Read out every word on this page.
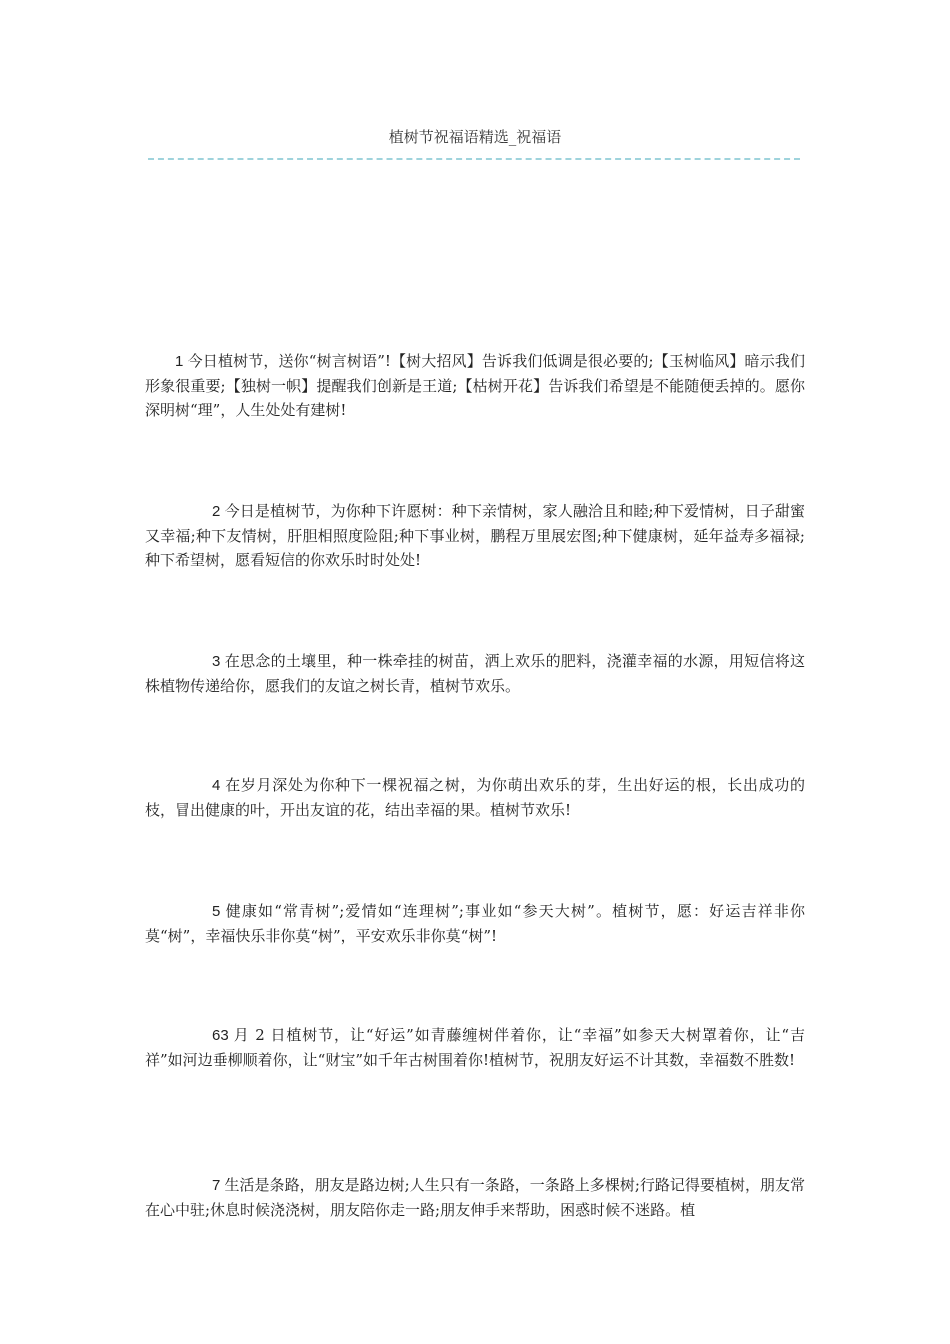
植树节祝福语精选_祝福语

1 今日植树节，送你“树言树语”!【树大招风】告诉我们低调是很必要的;【玉树临风】暗示我们形象很重要;【独树一帜】提醒我们创新是王道;【枯树开花】告诉我们希望是不能随便丢掉的。愿你深明树“理”，人生处处有建树!

2 今日是植树节，为你种下许愿树：种下亲情树，家人融洽且和睦;种下爱情树，日子甜蜜又幸福;种下友情树，肝胆相照度险阻;种下事业树，鹏程万里展宏图;种下健康树，延年益寿多福禄;种下希望树，愿看短信的你欢乐时时处处!

3 在思念的土壤里，种一株牵挂的树苗，洒上欢乐的肥料，浇灌幸福的水源，用短信将这株植物传递给你，愿我们的友谊之树长青，植树节欢乐。

4 在岁月深处为你种下一棵祝福之树，为你萌出欢乐的芽，生出好运的根，长出成功的枝，冒出健康的叶，开出友谊的花，结出幸福的果。植树节欢乐!

5 健康如“常青树”;爱情如“连理树”;事业如“参天大树”。植树节，愿：好运吉祥非你莫“树”，幸福快乐非你莫“树”，平安欢乐非你莫“树”!

63 月 2 日植树节，让“好运”如青藤缠树伴着你，让“幸福”如参天大树罩着你，让“吉祥”如河边垂柳顺着你，让“财宝”如千年古树围着你!植树节，祝朋友好运不计其数，幸福数不胜数!

7 生活是条路，朋友是路边树;人生只有一条路，一条路上多棵树;行路记得要植树，朋友常在心中驻;休息时候浇浇树，朋友陪你走一路;朋友伸手来帮助，困惑时候不迷路。植
